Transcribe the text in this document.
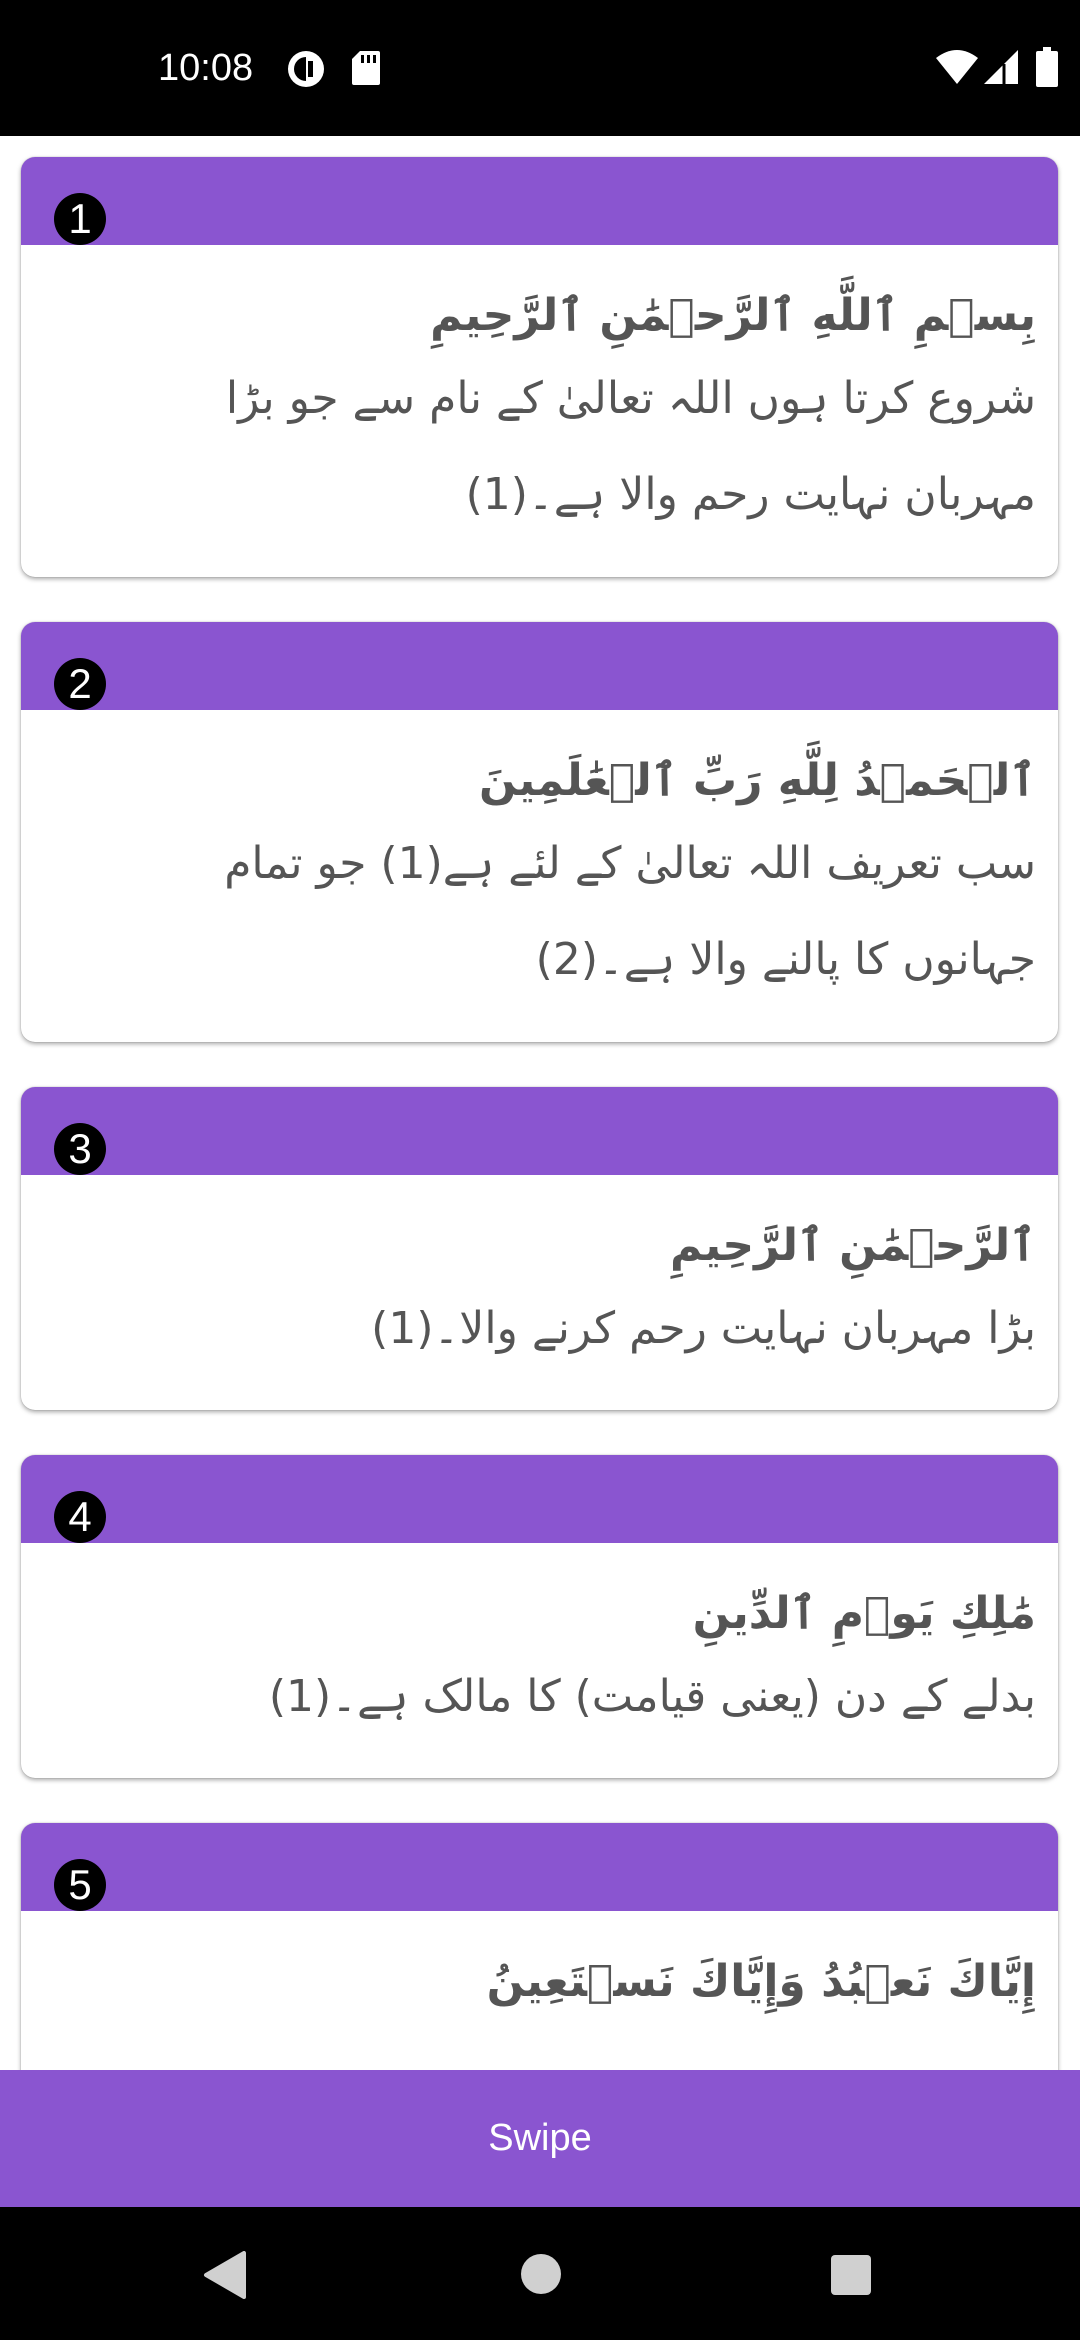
10:08
1
بِسۡمِ ٱللَّهِ ٱلرَّحۡمَٰنِ ٱلرَّحِيمِ
شروع کرتا ہوں اللہ تعالیٰ کے نام سے جو بڑا مہربان نہایت رحم والا ہے۔(1)
2
ٱلۡحَمۡدُ لِلَّهِ رَبِّ ٱلۡعَٰلَمِينَ
سب تعریف اللہ تعالیٰ کے لئے ہے(1) جو تمام جہانوں کا پالنے والا ہے۔(2)
3
ٱلرَّحۡمَٰنِ ٱلرَّحِيمِ
بڑا مہربان نہایت رحم کرنے والا۔(1)
4
مَٰلِكِ يَوۡمِ ٱلدِّينِ
بدلے کے دن (یعنی قیامت) کا مالک ہے۔(1)
5
إِيَّاكَ نَعۡبُدُ وَإِيَّاكَ نَسۡتَعِينُ
Swipe
